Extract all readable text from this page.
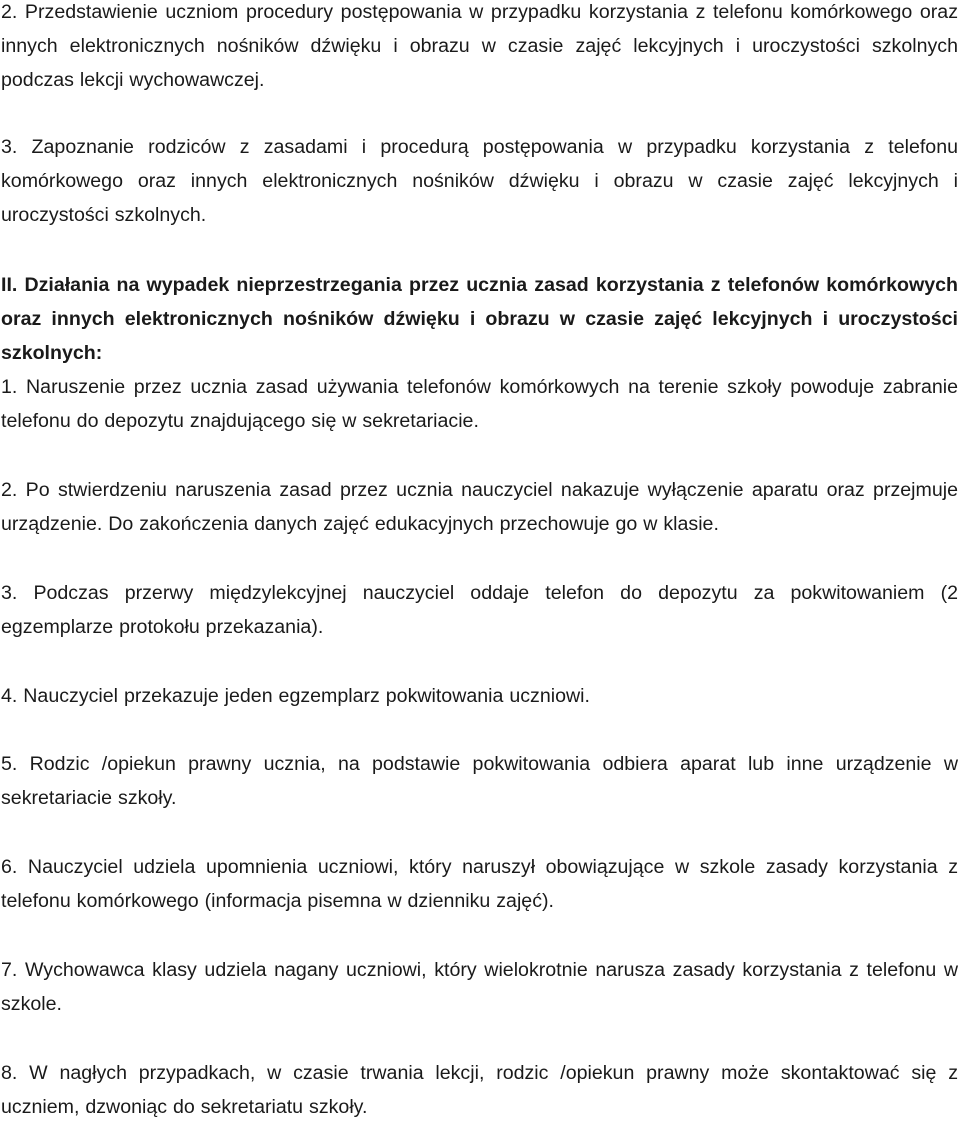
2. Przedstawienie uczniom procedury postępowania w przypadku korzystania z telefonu komórkowego oraz innych elektronicznych nośników dźwięku i obrazu w czasie zajęć lekcyjnych i uroczystości szkolnych podczas lekcji wychowawczej.

3. Zapoznanie rodziców z zasadami i procedurą postępowania w przypadku korzystania z telefonu komórkowego oraz innych elektronicznych nośników dźwięku i obrazu w czasie zajęć lekcyjnych i uroczystości szkolnych.

II. Działania na wypadek nieprzestrzegania przez ucznia zasad korzystania z telefonów komórkowych oraz innych elektronicznych nośników dźwięku i obrazu w czasie zajęć lekcyjnych i uroczystości szkolnych:

1. Naruszenie przez ucznia zasad używania telefonów komórkowych na terenie szkoły powoduje zabranie telefonu do depozytu znajdującego się w sekretariacie.

2. Po stwierdzeniu naruszenia zasad przez ucznia nauczyciel nakazuje wyłączenie aparatu oraz przejmuje urządzenie. Do zakończenia danych zajęć edukacyjnych przechowuje go w klasie.

3. Podczas przerwy międzylekcyjnej nauczyciel oddaje telefon do depozytu za pokwitowaniem (2 egzemplarze protokołu przekazania).

4. Nauczyciel przekazuje jeden egzemplarz pokwitowania uczniowi.

5. Rodzic /opiekun prawny ucznia, na podstawie pokwitowania odbiera aparat lub inne urządzenie w sekretariacie szkoły.

6. Nauczyciel udziela upomnienia uczniowi, który naruszył obowiązujące w szkole zasady korzystania z telefonu komórkowego (informacja pisemna w dzienniku zajęć).

7. Wychowawca klasy udziela nagany uczniowi, który wielokrotnie narusza zasady korzystania z telefonu w szkole.

8. W nagłych przypadkach, w czasie trwania lekcji, rodzic /opiekun prawny może skontaktować się z uczniem, dzwoniąc do sekretariatu szkoły.
